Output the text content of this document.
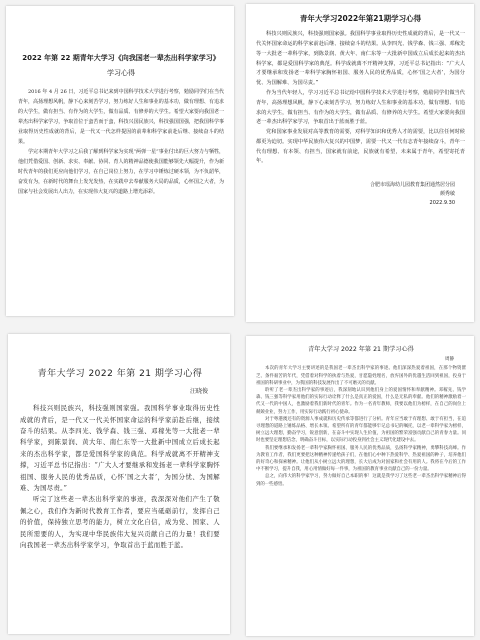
2022 年第 22 期青年大学习《向我国老一辈杰出科学家学习》
学习心得

2016 年 4 月 26 日，习近平总书记来到中国科学技术大学进行考察，勉励同学们在当代青年，高扬理想风帆，静下心来刻苦学习，努力练好人生和事业的基本功，做有理想、有追求的大学生，做有担当、有作为的大学生，做有品质、有修养的大学生。希望大家要向我国老一辈杰出科学家学习，争取首位于蛮苦而于蛮，科技兴国民族兴，科技强国国强，把我国科学事业取得历史性成就的背后，是一代又一代怎样提因的前辈和科学家前赴后继、接续奋斗的结果。

学完本期青年大学习之后我了解到科学家为实现“两弹一星”事业付出的巨大努力与牺牲，他们凭借爱国、创新、求实、奉献、协同、育人的精神品德使我国能够领先大幅提升，作为新时代青年的我们更应向他们学习，在自己岗位上努力，在学习中锤炼过硬本领，为不负韶华，奋发有为，在新时代的舞台上发光发热，在实践中去奉献服务大局的品质，心怀国之大者，为国家与社会发展出人出力，在实现伟大复兴的道路上增光添彩。

青年大学习2022年第21期学习心得

科技兴则民族兴，科技强则国家强。我国科学事业取得历史性成就的背后，是一代又一代关怀国家命运的科学家前赴后继、接续奋斗的结果。从李四光、钱学森、钱三强、邓稼先等一大批老一辈科学家，到陈景润、黄大年、南仁东等一大批新中国成立后成长起来的杰出科学家，都是爱国科学家的典范。科学成就离不开精神支撑，习近平总书记指出：“广大人才要继承和发扬老一辈科学家胸怀祖国、服务人民的优秀品质，心怀‘国之大者’，为国分忧、为国解难、为国尽责。”

作为当代年轻人，学习习近平总书记给中国科学技术大学进行考察，勉励同学们做当代青年，高扬理想风帆，静下心来刻苦学习，努力练好人生和事业的基本功，做有理想、有追求的大学生，做有担当、有作为的大学生，做有品质、有修养的大学生。希望大家要向我国老一辈杰出科学家学习，争取首出于蓝而胜于蓝。

党和国家事业发展对高等教育的需要，对科学知识和优秀人才的需要，比以往任何时候都更为迫切。实现中华民族伟大复兴的中国梦，需要一代又一代有志青年接续奋斗，青年一代有理想、有本领、有担当，国家就有前途，民族就有希望，未来属于青年，希望寄托青年。

合肥市瑶海幼儿园教育集团通然居分园
颜秀敏
2022.9.30
青年大学习 2022 年第 21 期学习心得
汪晓俊

科技兴则民族兴，科技强则国家强。我国科学事业取得历史性成就的背后，是一代又一代关怀国家命运的科学家前赴后继，接续奋斗的结果。从李四光、钱学森、钱三强、邓稼先等一大批老一辈科学家，到陈景润、黄大年、南仁东等一大批新中国成立后成长起来的杰出科学家，都是爱国科学家的典范。科学成就离不开精神支撑，习近平总书记指出：“广大人才要继承和发扬老一辈科学家胸怀祖国、服务人民的优秀品质，心怀‘国之大者’，为国分忧、为国解难、为国尽责。”

听完了这些老一辈杰出科学家的事迹，我深深对他们产生了敬佩之心，我们作为新时代教育工作者，要应当砥砺前行，发挥自己的价值，保持独立思考的能力，树立文化自信，成为党、国家、人民所需要的人，为实现中华民族伟大复兴贡献自己的力量！我们要向我国老一辈杰出科学家学习，争取首出于蓝而胜于蓝。

青年大学习 2022 年第 21 期学习心得
周静

本次的青年大学习主要讲述的是我国老一辈杰出科学家的事迹。他们深深热爱着祖国，在那个物资匮乏、条件艰苦的年代，凭借着对科学的执着与热爱，甘愿隐姓埋名，放弃国外的优越生活回到祖国，投身于祖国的科研事业中，为我国的科技发展作出了不可磨灭的贡献。

聆听了老一辈杰出科学家的事迹后，我深刻地认识到他们身上的爱国情怀和奉献精神。邓稼先、钱学森、钱三强等科学家用他们的实际行动诠释了什么是真正的爱国，什么是无私的奉献。他们的精神激励着一代又一代的中国人，也激励着我们新时代的青年。作为一名青年教师，我要以他们为榜样，在自己的岗位上兢兢业业，努力工作，用实际行动践行初心使命。

对于粤港澳还有的资源人事成就和历史传承等都进行了分析。青年应当敢于有理想、敢于有担当，在追寻理想的道路上锤炼品格、增长本领。希望所有的青年都能够牢记总书记的嘱托，以老一辈科学家为榜样，树立远大理想，勤奋学习，锐意创新，在奋斗中实现人生价值，为祖国的繁荣富强贡献自己的青春力量。同时也要坚定理想信念，明确奋斗目标，以实际行动投身到社会主义现代化建设中去。

我们要继承和发扬老一辈科学家胸怀祖国、服务人民的优秀品质，弘扬科学家精神，勇攀科技高峰。作为教育工作者，我们更要把这种精神传递给孩子们，在他们心中种下热爱科学、热爱祖国的种子，培养他们的好奇心和探索精神。让他们从小树立远大的理想，长大后成为对国家和社会有用的人。我将在今后的工作中不断学习，提升自我，用心用情做好每一件事，为祖国的教育事业贡献自己的一份力量。

总之，向伟大的科学家学习，努力做好自己本职的事！这就是我学习了这些老一辈杰出科学家精神后得到的一些感悟。
